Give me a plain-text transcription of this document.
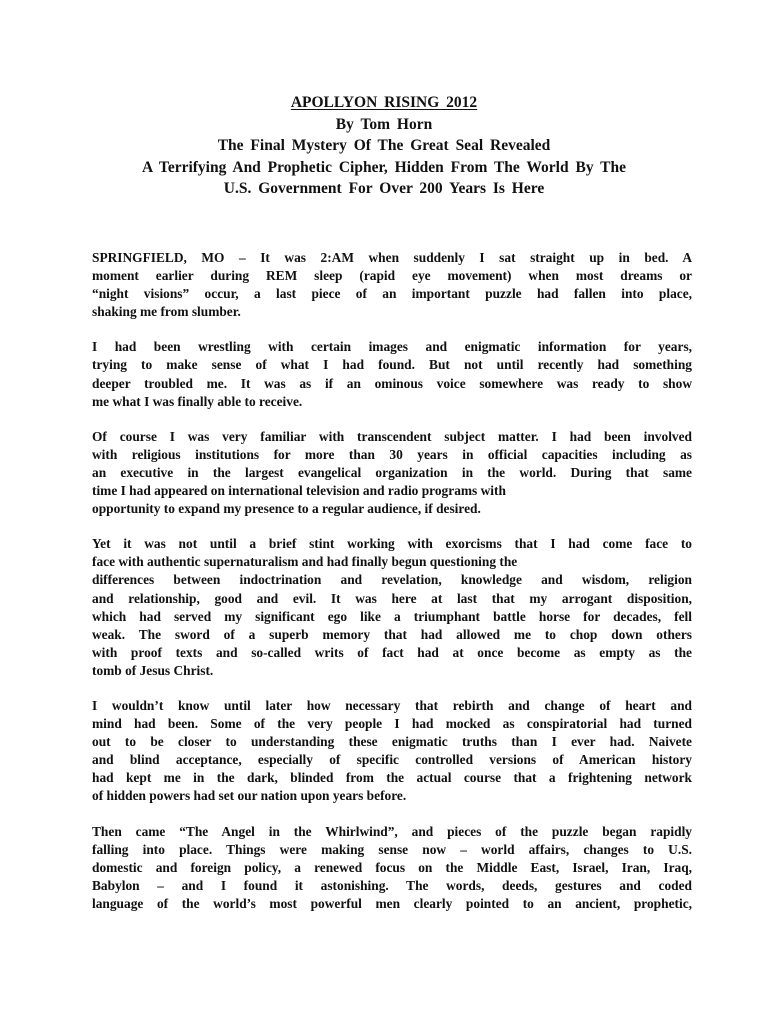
APOLLYON RISING 2012
By Tom Horn
The Final Mystery Of The Great Seal Revealed
A Terrifying And Prophetic Cipher, Hidden From The World By The
U.S. Government For Over 200 Years Is Here

SPRINGFIELD, MO – It was 2:AM when suddenly I sat straight up in bed. A
moment earlier during REM sleep (rapid eye movement) when most dreams or
“night visions” occur, a last piece of an important puzzle had fallen into place,
shaking me from slumber.

I had been wrestling with certain images and enigmatic information for years,
trying to make sense of what I had found. But not until recently had something
deeper troubled me. It was as if an ominous voice somewhere was ready to show
me what I was finally able to receive.

Of course I was very familiar with transcendent subject matter. I had been involved
with religious institutions for more than 30 years in official capacities including as
an executive in the largest evangelical organization in the world. During that same
time I had appeared on international television and radio programs with
opportunity to expand my presence to a regular audience, if desired.

Yet it was not until a brief stint working with exorcisms that I had come face to
face with authentic supernaturalism and had finally begun questioning the
differences between indoctrination and revelation, knowledge and wisdom, religion
and relationship, good and evil. It was here at last that my arrogant disposition,
which had served my significant ego like a triumphant battle horse for decades, fell
weak. The sword of a superb memory that had allowed me to chop down others
with proof texts and so-called writs of fact had at once become as empty as the
tomb of Jesus Christ.

I wouldn’t know until later how necessary that rebirth and change of heart and
mind had been. Some of the very people I had mocked as conspiratorial had turned
out to be closer to understanding these enigmatic truths than I ever had. Naivete
and blind acceptance, especially of specific controlled versions of American history
had kept me in the dark, blinded from the actual course that a frightening network
of hidden powers had set our nation upon years before.

Then came “The Angel in the Whirlwind”, and pieces of the puzzle began rapidly
falling into place. Things were making sense now – world affairs, changes to U.S.
domestic and foreign policy, a renewed focus on the Middle East, Israel, Iran, Iraq,
Babylon – and I found it astonishing. The words, deeds, gestures and coded
language of the world’s most powerful men clearly pointed to an ancient, prophetic,
